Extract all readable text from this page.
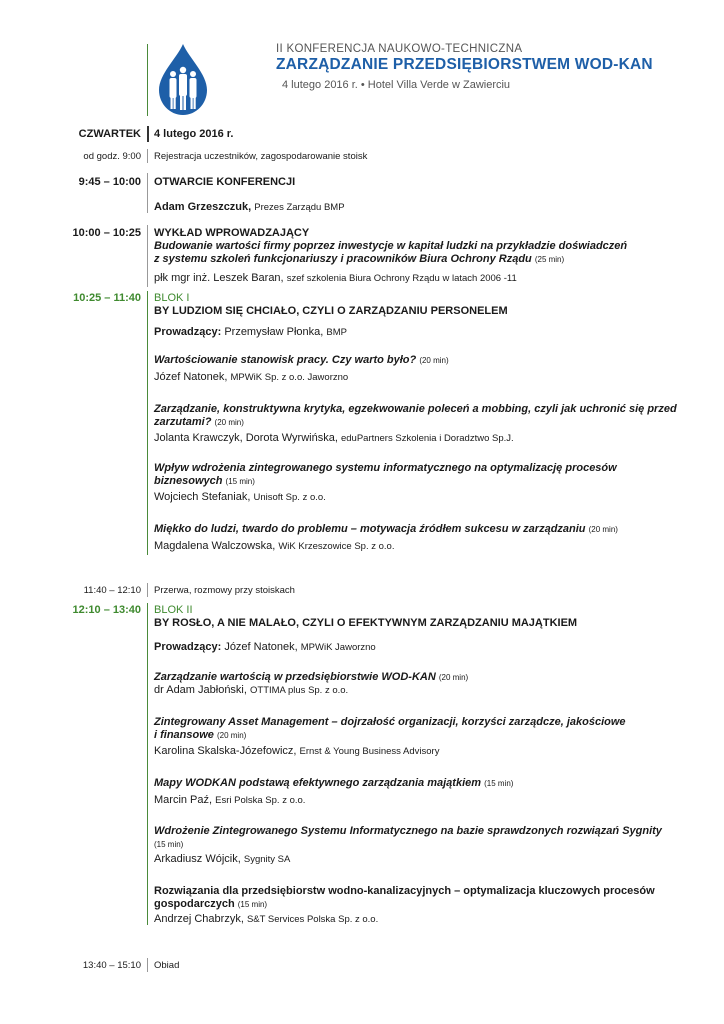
II KONFERENCJA NAUKOWO-TECHNICZNA
ZARZĄDZANIE PRZEDSIĘBIORSTWEM WOD-KAN
4 lutego 2016 r. • Hotel Villa Verde w Zawierciu
CZWARTEK 4 lutego 2016 r.
od godz. 9:00 Rejestracja uczestników, zagospodarowanie stoisk
9:45 – 10:00 OTWARCIE KONFERENCJI
Adam Grzeszczuk, Prezes Zarządu BMP
10:00 – 10:25 WYKŁAD WPROWADZAJĄCY
Budowanie wartości firmy poprzez inwestycje w kapitał ludzki na przykładzie doświadczeń
z systemu szkoleń funkcjonariuszy i pracowników Biura Ochrony Rządu (25 min)
płk mgr inż. Leszek Baran, szef szkolenia Biura Ochrony Rządu w latach 2006 -11
10:25 – 11:40 BLOK I
BY LUDZIOM SIĘ CHCIAŁO, CZYLI O ZARZĄDZANIU PERSONELEM
Prowadzący: Przemysław Płonka, BMP
Wartościowanie stanowisk pracy. Czy warto było? (20 min)
Józef Natonek, MPWiK Sp. z o.o. Jaworzno
Zarządzanie, konstruktywna krytyka, egzekwowanie poleceń a mobbing, czyli jak uchronić się przed
zarzutami? (20 min)
Jolanta Krawczyk, Dorota Wyrwińska, eduPartners Szkolenia i Doradztwo Sp.J.
Wpływ wdrożenia zintegrowanego systemu informatycznego na optymalizację procesów
biznesowych (15 min)
Wojciech Stefaniak, Unisoft Sp. z o.o.
Miękko do ludzi, twardo do problemu – motywacja źródłem sukcesu w zarządzaniu (20 min)
Magdalena Walczowska, WiK Krzeszowice Sp. z o.o.
11:40 – 12:10 Przerwa, rozmowy przy stoiskach
12:10 – 13:40 BLOK II
BY ROSŁO, A NIE MALAŁO, CZYLI O EFEKTYWNYM ZARZĄDZANIU MAJĄTKIEM
Prowadzący: Józef Natonek, MPWiK Jaworzno
Zarządzanie wartością w przedsiębiorstwie WOD-KAN (20 min)
dr Adam Jabłoński, OTTIMA plus Sp. z o.o.
Zintegrowany Asset Management – dojrzałość organizacji, korzyści zarządcze, jakościowe
i finansowe (20 min)
Karolina Skalska-Józefowicz, Ernst & Young Business Advisory
Mapy WODKAN podstawą efektywnego zarządzania majątkiem (15 min)
Marcin Paź, Esri Polska Sp. z o.o.
Wdrożenie Zintegrowanego Systemu Informatycznego na bazie sprawdzonych rozwiązań Sygnity
(15 min)
Arkadiusz Wójcik, Sygnity SA
Rozwiązania dla przedsiębiorstw wodno-kanalizacyjnych – optymalizacja kluczowych procesów
gospodarczych (15 min)
Andrzej Chabrzyk, S&T Services Polska Sp. z o.o.
13:40 – 15:10 Obiad
